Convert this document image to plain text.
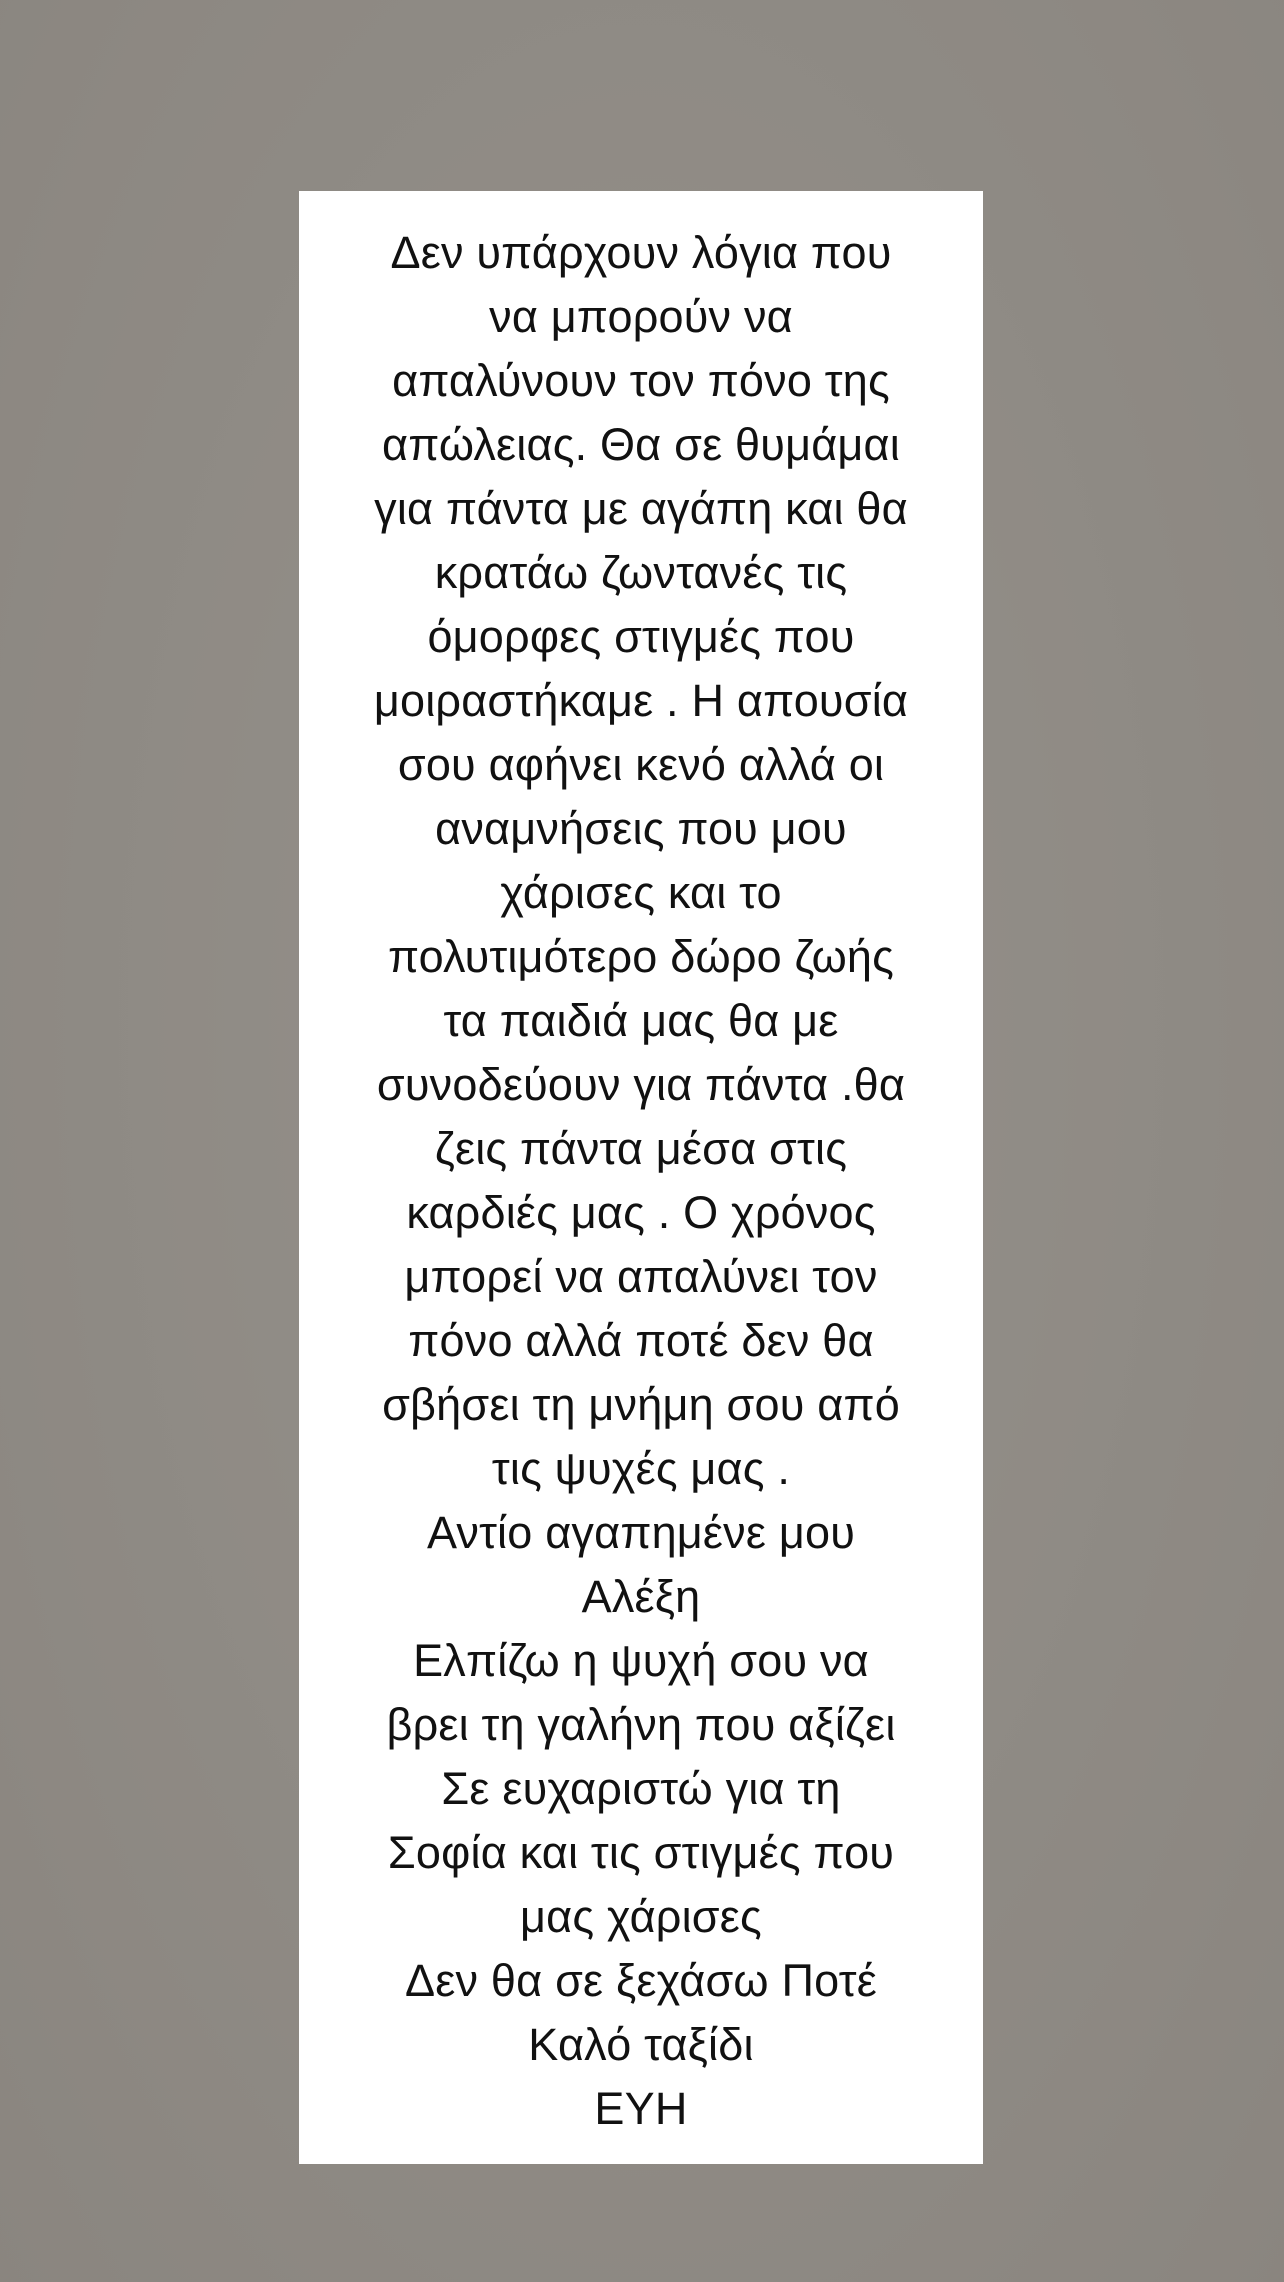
Δεν υπάρχουν λόγια που
να μπορούν να
απαλύνουν τον πόνο της
απώλειας. Θα σε θυμάμαι
για πάντα με αγάπη και θα
κρατάω ζωντανές τις
όμορφες στιγμές που
μοιραστήκαμε . Η απουσία
σου αφήνει κενό αλλά οι
αναμνήσεις που μου
χάρισες και το
πολυτιμότερο δώρο ζωής
τα παιδιά μας θα με
συνοδεύουν για πάντα .θα
ζεις πάντα μέσα στις
καρδιές μας . Ο χρόνος
μπορεί να απαλύνει τον
πόνο αλλά ποτέ δεν θα
σβήσει τη μνήμη σου από
τις ψυχές μας .
Αντίο αγαπημένε μου
Αλέξη
Ελπίζω η ψυχή σου να
βρει τη γαλήνη που αξίζει
Σε ευχαριστώ για τη
Σοφία και τις στιγμές που
μας χάρισες
Δεν θα σε ξεχάσω Ποτέ
Καλό ταξίδι
ΕΥΗ
